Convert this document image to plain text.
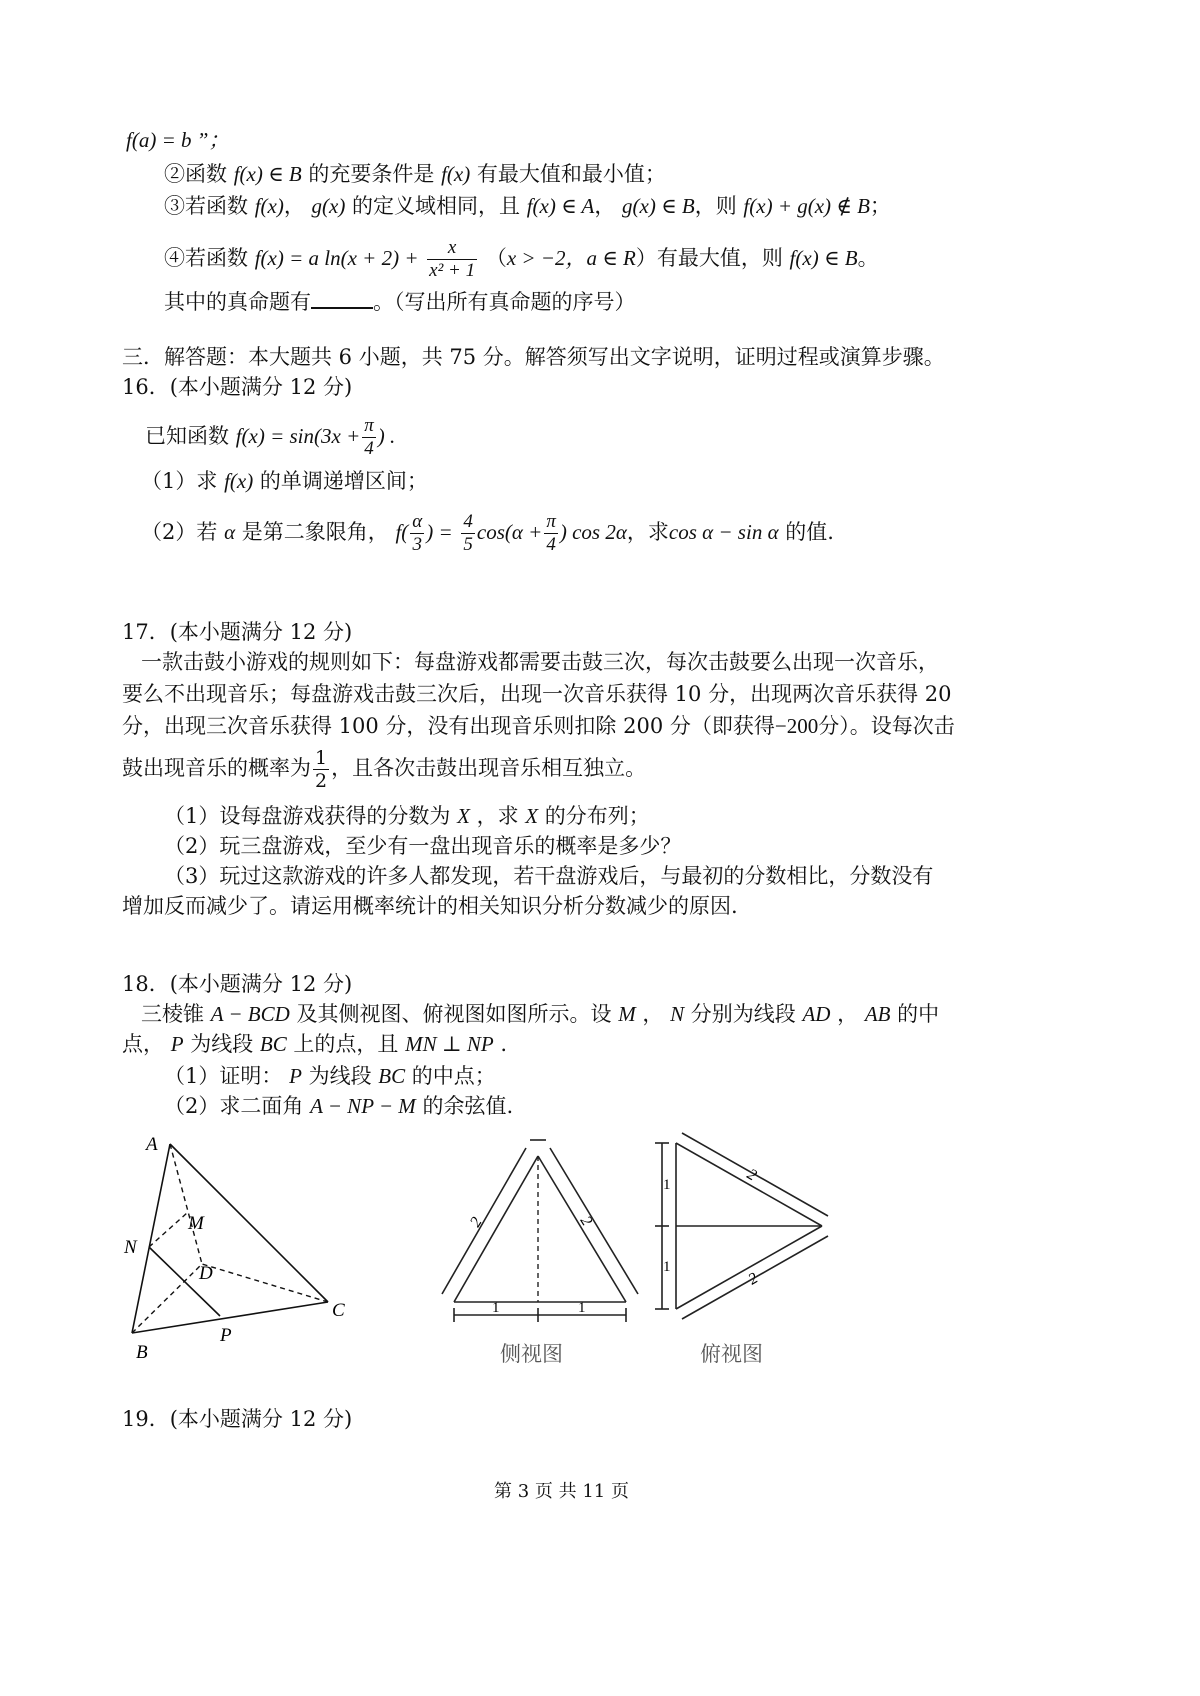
f(a) = b ”；
②函数 f(x) ∈ B 的充要条件是 f(x) 有最大值和最小值；
③若函数 f(x)， g(x) 的定义域相同，且 f(x) ∈ A， g(x) ∈ B，则 f(x) + g(x) ∉ B；
④若函数 f(x) = a $\ln(x + 2) + \frac{x}{\text{x² + 1}} (x > -2$，a ∈ R）有最大值，则 f(x) ∈ B。
其中的真命题有	。（写出所有真命题的序号）
三．解答题：本大题共 6 小题，共 75 分。解答须写出文字说明，证明过程或演算步骤。
16．(本小题满分 12 分)
已知函数 $f(x) = \sin(3x + \frac{\pi}{4}$ ) .
（1）求 f(x) 的单调递增区间；
（2）若 α 是第二象限角， $f( \frac{\alpha}{3}$ ) = $\frac{4}{5} \cos(\alpha + \frac{\pi}{4}$ ) cos 2α，求cos α − sin α 的值.
17．(本小题满分 12 分)
一款击鼓小游戏的规则如下：每盘游戏都需要击鼓三次，每次击鼓要么出现一次音乐，
要么不出现音乐；每盘游戏击鼓三次后，出现一次音乐获得 10 分，出现两次音乐获得 20
分，出现三次音乐获得 100 分，没有出现音乐则扣除 200 分（即获得−200分）。设每次击
鼓出现音乐的概率为 $\frac{1}{2}$ ，且各次击鼓出现音乐相互独立。
（1）设每盘游戏获得的分数为 X ，求 X 的分布列；
（2）玩三盘游戏，至少有一盘出现音乐的概率是多少？
（3）玩过这款游戏的许多人都发现，若干盘游戏后，与最初的分数相比，分数没有
增加反而减少了。请运用概率统计的相关知识分析分数减少的原因.
18．(本小题满分 12 分)
三棱锥 A − BCD 及其侧视图、俯视图如图所示。设 M ， N 分别为线段 AD ， AB 的中
点， P 为线段 BC 上的点，且 MN ⊥ NP .
（1）证明： P 为线段 BC 的中点；
（2）求二面角 A − NP − M 的余弦值.
A
M
N
D
C
B
P
2	2
1	1
侧视图
2
2
1
1
俯视图
19．(本小题满分 12 分)
第 3 页 共 11 页
